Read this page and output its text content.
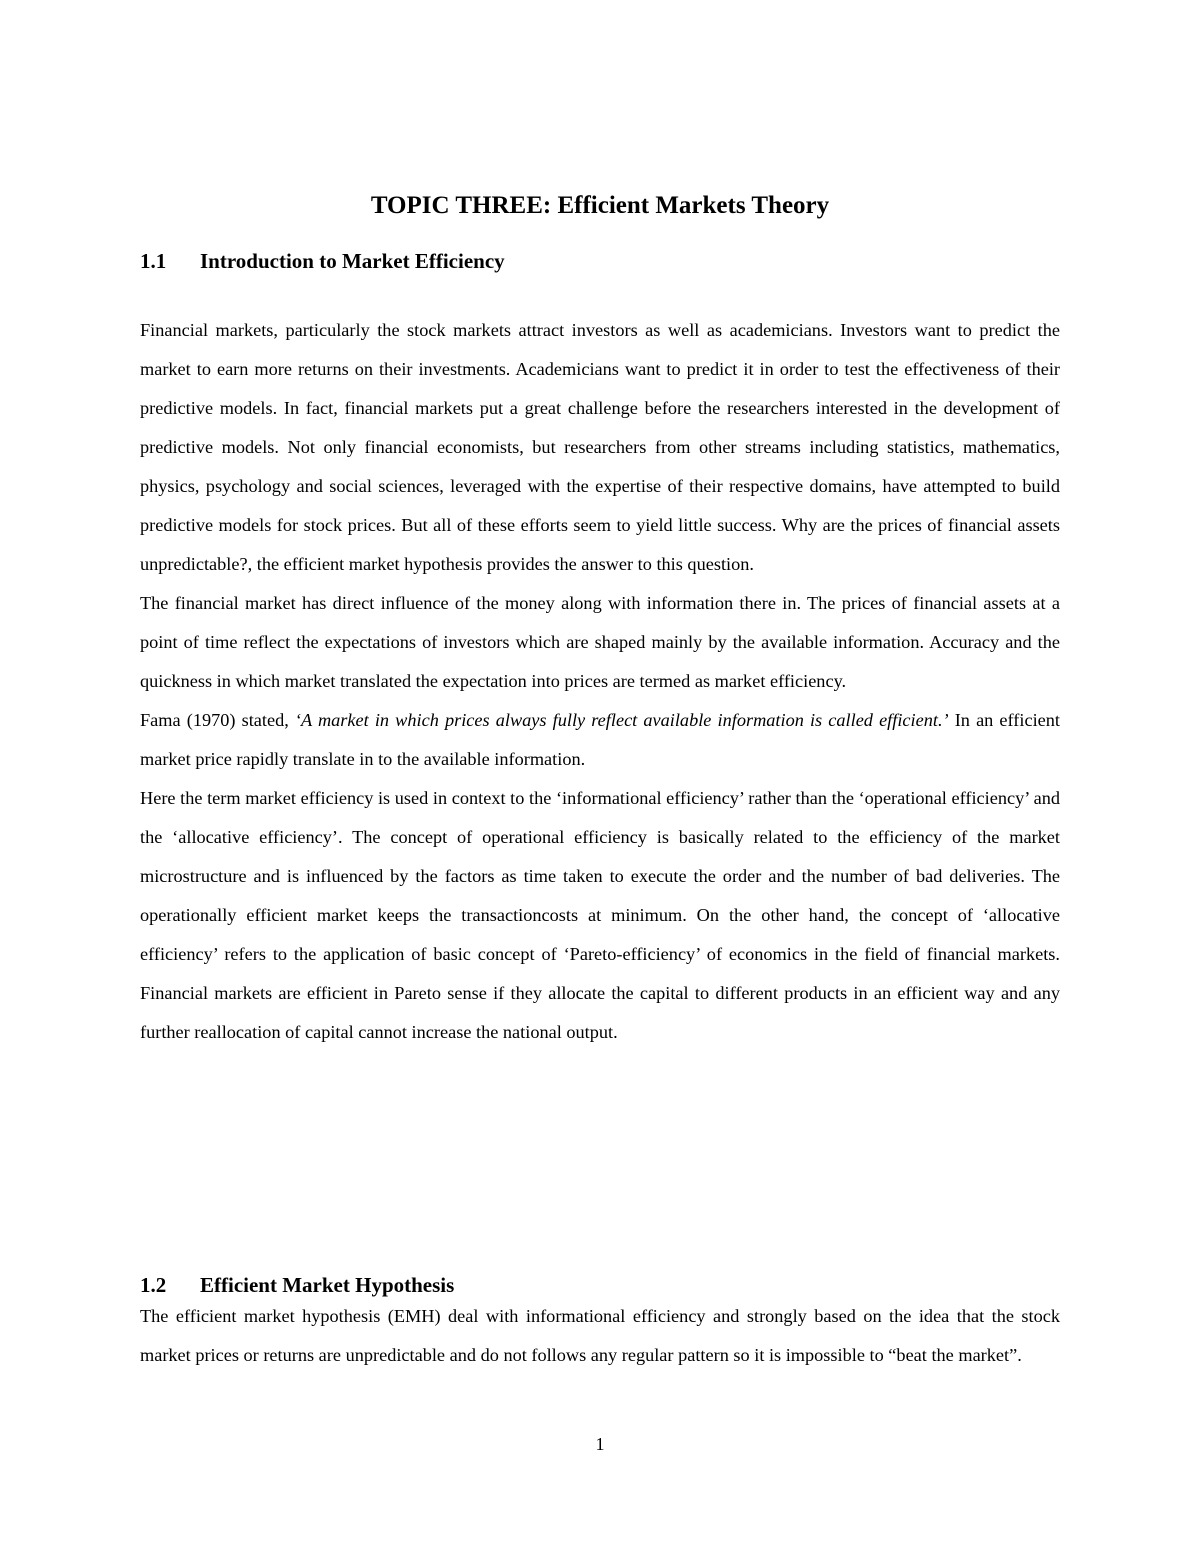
TOPIC THREE: Efficient Markets Theory
1.1 Introduction to Market Efficiency

Financial markets, particularly the stock markets attract investors as well as academicians. Investors want to predict the market to earn more returns on their investments. Academicians want to predict it in order to test the effectiveness of their predictive models. In fact, financial markets put a great challenge before the researchers interested in the development of predictive models. Not only financial economists, but researchers from other streams including statistics, mathematics, physics, psychology and social sciences, leveraged with the expertise of their respective domains, have attempted to build predictive models for stock prices. But all of these efforts seem to yield little success. Why are the prices of financial assets unpredictable?, the efficient market hypothesis provides the answer to this question.

The financial market has direct influence of the money along with information there in. The prices of financial assets at a point of time reflect the expectations of investors which are shaped mainly by the available information. Accuracy and the quickness in which market translated the expectation into prices are termed as market efficiency.

Fama (1970) stated, ‘A market in which prices always fully reflect available information is called efficient.’ In an efficient market price rapidly translate in to the available information.

Here the term market efficiency is used in context to the ‘informational efficiency’ rather than the ‘operational efficiency’ and the ‘allocative efficiency’. The concept of operational efficiency is basically related to the efficiency of the market microstructure and is influenced by the factors as time taken to execute the order and the number of bad deliveries. The operationally efficient market keeps the transactioncosts at minimum. On the other hand, the concept of ‘allocative efficiency’ refers to the application of basic concept of ‘Pareto-efficiency’ of economics in the field of financial markets. Financial markets are efficient in Pareto sense if they allocate the capital to different products in an efficient way and any further reallocation of capital cannot increase the national output.

1.2 Efficient Market Hypothesis

The efficient market hypothesis (EMH) deal with informational efficiency and strongly based on the idea that the stock market prices or returns are unpredictable and do not follows any regular pattern so it is impossible to “beat the market”.

1
